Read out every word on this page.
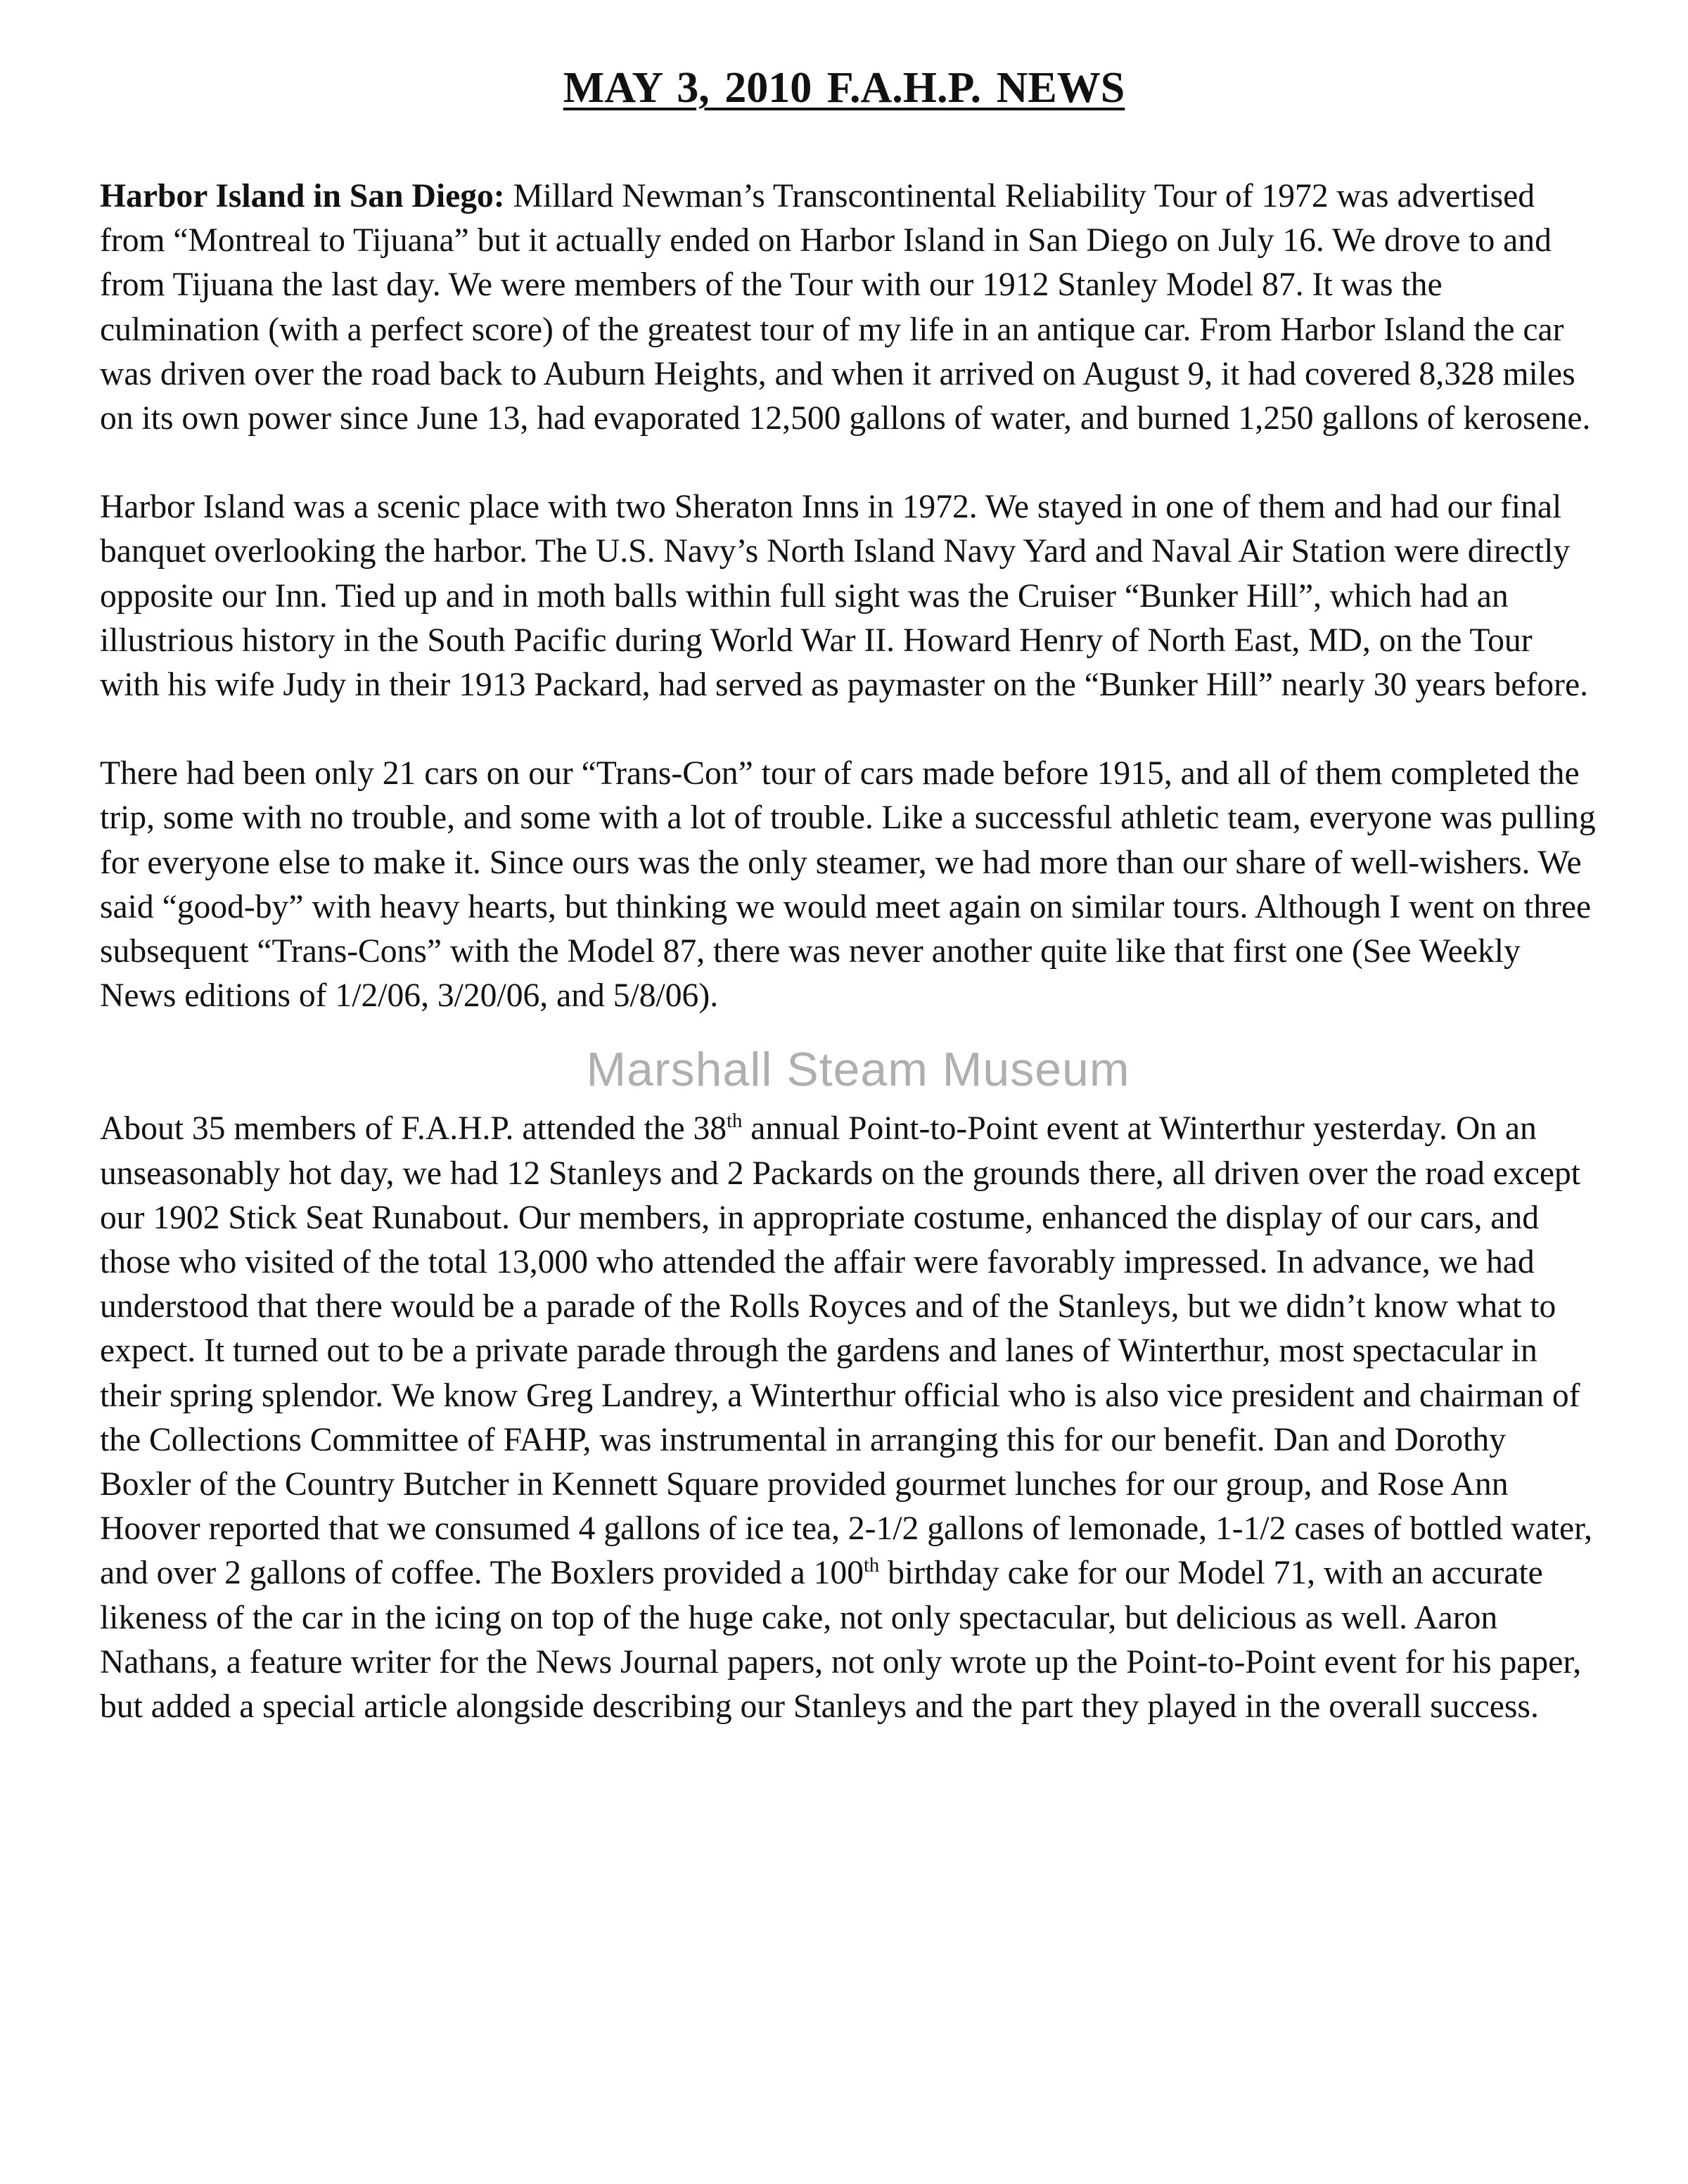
MAY 3, 2010 F.A.H.P. NEWS

Harbor Island in San Diego: Millard Newman’s Transcontinental Reliability Tour of 1972 was advertised from “Montreal to Tijuana” but it actually ended on Harbor Island in San Diego on July 16. We drove to and from Tijuana the last day. We were members of the Tour with our 1912 Stanley Model 87. It was the culmination (with a perfect score) of the greatest tour of my life in an antique car. From Harbor Island the car was driven over the road back to Auburn Heights, and when it arrived on August 9, it had covered 8,328 miles on its own power since June 13, had evaporated 12,500 gallons of water, and burned 1,250 gallons of kerosene.

Harbor Island was a scenic place with two Sheraton Inns in 1972. We stayed in one of them and had our final banquet overlooking the harbor. The U.S. Navy’s North Island Navy Yard and Naval Air Station were directly opposite our Inn. Tied up and in moth balls within full sight was the Cruiser “Bunker Hill”, which had an illustrious history in the South Pacific during World War II. Howard Henry of North East, MD, on the Tour with his wife Judy in their 1913 Packard, had served as paymaster on the “Bunker Hill” nearly 30 years before.

There had been only 21 cars on our “Trans-Con” tour of cars made before 1915, and all of them completed the trip, some with no trouble, and some with a lot of trouble. Like a successful athletic team, everyone was pulling for everyone else to make it. Since ours was the only steamer, we had more than our share of well-wishers. We said “good-by” with heavy hearts, but thinking we would meet again on similar tours. Although I went on three subsequent “Trans-Cons” with the Model 87, there was never another quite like that first one (See Weekly News editions of 1/2/06, 3/20/06, and 5/8/06).

About 35 members of F.A.H.P. attended the 38th annual Point-to-Point event at Winterthur yesterday. On an unseasonably hot day, we had 12 Stanleys and 2 Packards on the grounds there, all driven over the road except our 1902 Stick Seat Runabout. Our members, in appropriate costume, enhanced the display of our cars, and those who visited of the total 13,000 who attended the affair were favorably impressed. In advance, we had understood that there would be a parade of the Rolls Royces and of the Stanleys, but we didn’t know what to expect. It turned out to be a private parade through the gardens and lanes of Winterthur, most spectacular in their spring splendor. We know Greg Landrey, a Winterthur official who is also vice president and chairman of the Collections Committee of FAHP, was instrumental in arranging this for our benefit. Dan and Dorothy Boxler of the Country Butcher in Kennett Square provided gourmet lunches for our group, and Rose Ann Hoover reported that we consumed 4 gallons of ice tea, 2-1/2 gallons of lemonade, 1-1/2 cases of bottled water, and over 2 gallons of coffee. The Boxlers provided a 100th birthday cake for our Model 71, with an accurate likeness of the car in the icing on top of the huge cake, not only spectacular, but delicious as well. Aaron Nathans, a feature writer for the News Journal papers, not only wrote up the Point-to-Point event for his paper, but added a special article alongside describing our Stanleys and the part they played in the overall success.

Marshall Steam Museum
